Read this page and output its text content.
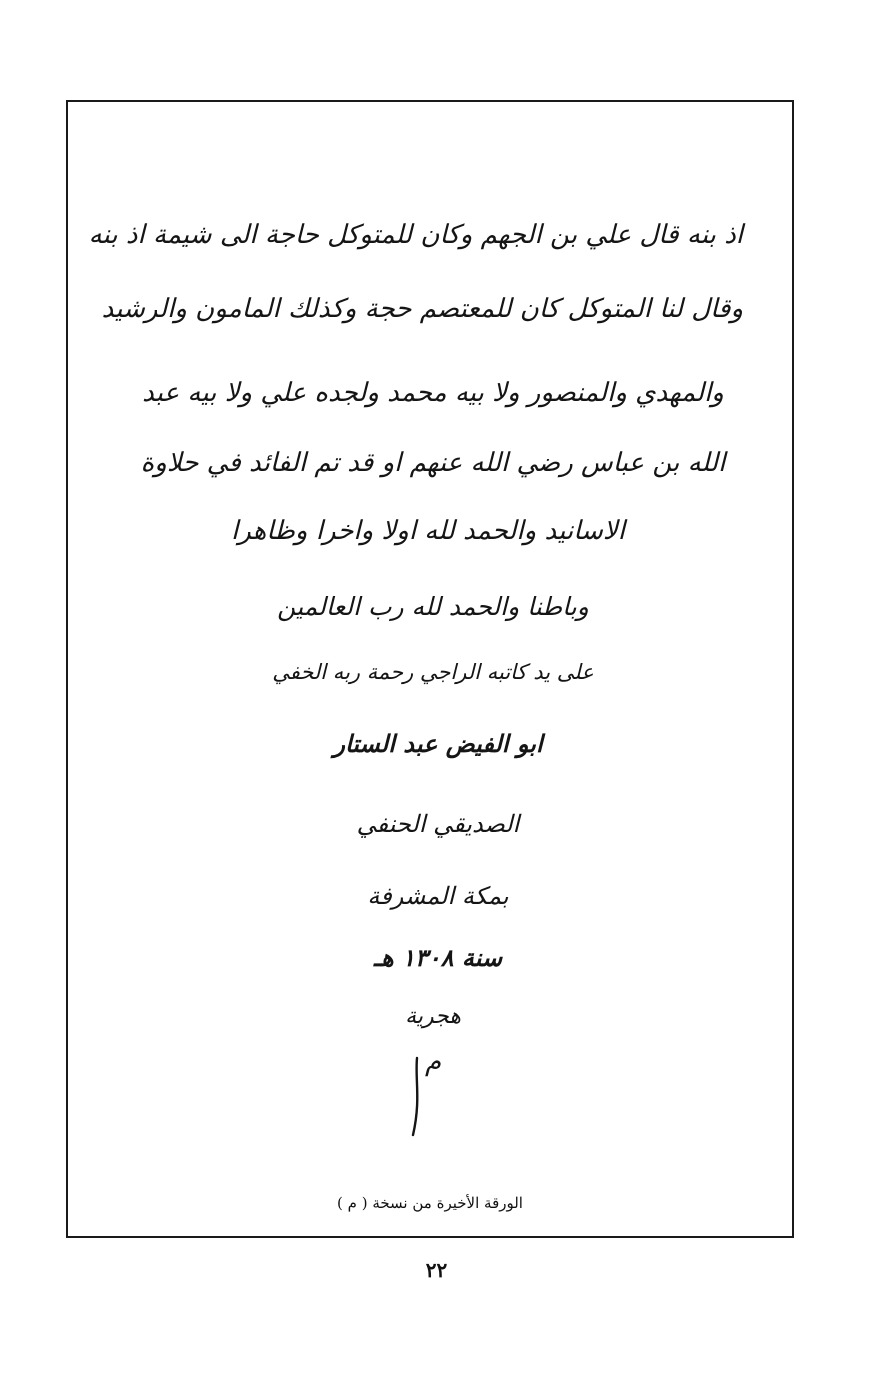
اذ بنه قال علي بن الجهم وكان للمتوكل حاجة الى شيمة اذ بنه
وقال لنا المتوكل كان للمعتصم حجة وكذلك المامون والرشيد
والمهدي والمنصور ولا بيه محمد ولجده علي ولا بيه عبد
الله بن عباس رضي الله عنهم او قد تم الفائد في حلاوة
الاسانيد والحمد لله اولا واخرا وظاهرا
وباطنا والحمد لله رب العالمين
على يد كاتبه الراجي رحمة ربه الخفي
ابو الفيض عبد الستار
الصديقي الحنفي
بمكة المشرفة
سنة ١٣٠٨ هـ
هجرية
م
الورقة الأخيرة من نسخة ( م )
٢٢
